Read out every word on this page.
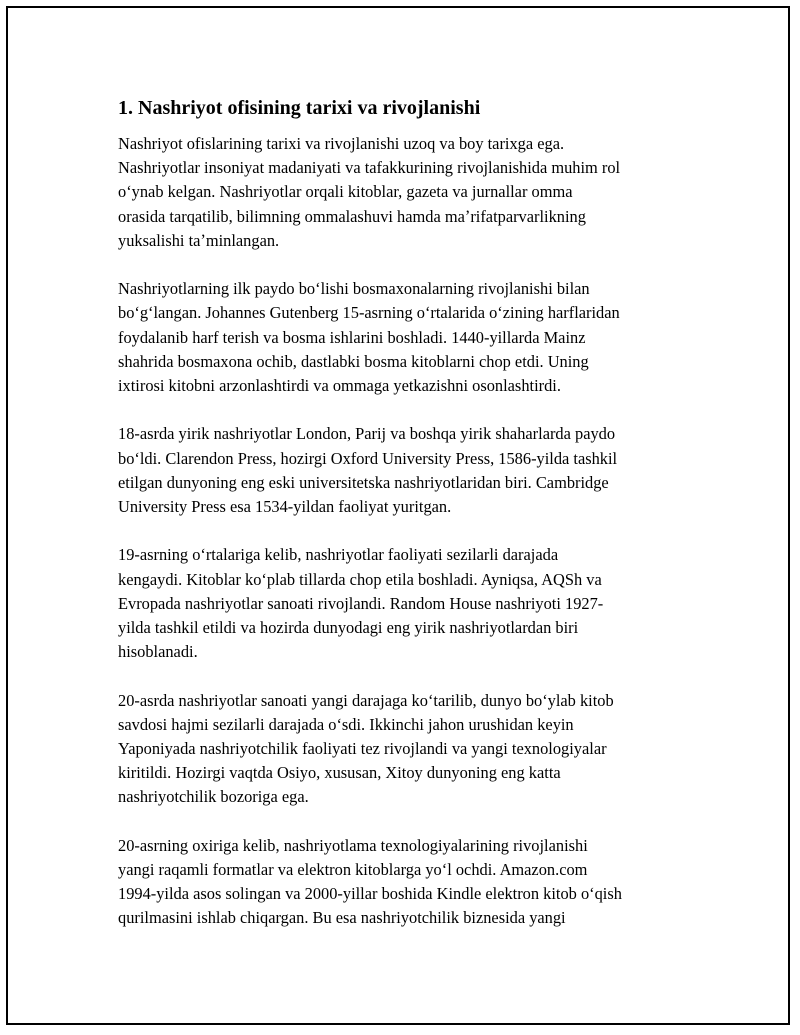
1. Nashriyot ofisining tarixi va rivojlanishi

Nashriyot ofislarining tarixi va rivojlanishi uzoq va boy tarixga ega.
Nashriyotlar insoniyat madaniyati va tafakkurining rivojlanishida muhim rol
oʻynab kelgan. Nashriyotlar orqali kitoblar, gazeta va jurnallar omma
orasida tarqatilib, bilimning ommalashuvi hamda maʼrifatparvarlikning
yuksalishi taʼminlangan.

Nashriyotlarning ilk paydo boʻlishi bosmaxonalarning rivojlanishi bilan
boʻgʻlangan. Johannes Gutenberg 15-asrning oʻrtalarida oʻzining harflaridan
foydalanib harf terish va bosma ishlarini boshladi. 1440-yillarda Mainz
shahrida bosmaxona ochib, dastlabki bosma kitoblarni chop etdi. Uning
ixtirosi kitobni arzonlashtirdi va ommaga yetkazishni osonlashtirdi.

18-asrda yirik nashriyotlar London, Parij va boshqa yirik shaharlarda paydo
boʻldi. Clarendon Press, hozirgi Oxford University Press, 1586-yilda tashkil
etilgan dunyoning eng eski universitetska nashriyotlaridan biri. Cambridge
University Press esa 1534-yildan faoliyat yuritgan.

19-asrning oʻrtalariga kelib, nashriyotlar faoliyati sezilarli darajada
kengaydi. Kitoblar koʻplab tillarda chop etila boshladi. Ayniqsa, AQSh va
Evropada nashriyotlar sanoati rivojlandi. Random House nashriyoti 1927-
yilda tashkil etildi va hozirda dunyodagi eng yirik nashriyotlardan biri
hisoblanadi.

20-asrda nashriyotlar sanoati yangi darajaga koʻtarilib, dunyo boʻylab kitob
savdosi hajmi sezilarli darajada oʻsdi. Ikkinchi jahon urushidan keyin
Yaponiyada nashriyotchilik faoliyati tez rivojlandi va yangi texnologiyalar
kiritildi. Hozirgi vaqtda Osiyo, xususan, Xitoy dunyoning eng katta
nashriyotchilik bozoriga ega.

20-asrning oxiriga kelib, nashriyotlama texnologiyalarining rivojlanishi
yangi raqamli formatlar va elektron kitoblarga yoʻl ochdi. Amazon.com
1994-yilda asos solingan va 2000-yillar boshida Kindle elektron kitob oʻqish
qurilmasini ishlab chiqargan. Bu esa nashriyotchilik biznesida yangi
